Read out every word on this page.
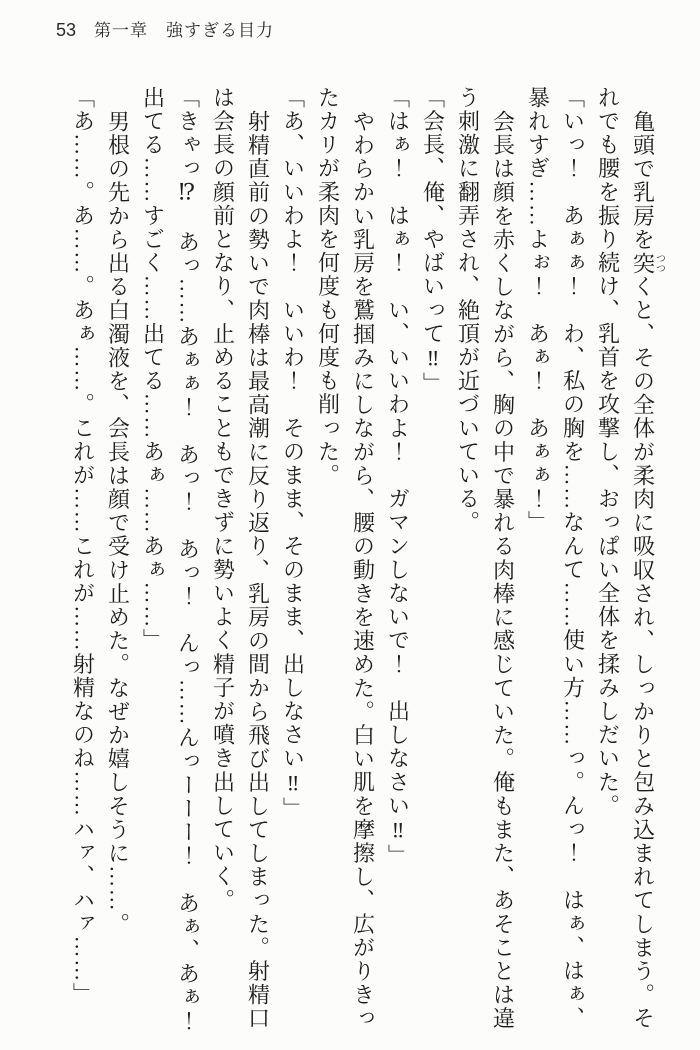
53 第一章　強すぎる目力
亀頭で乳房を突つつくと、その全体が柔肉に吸収され、しっかりと包み込まれてしまう。そ
れでも腰を振り続け、乳首を攻撃し、おっぱい全体を揉みしだいた。
「いっ！　あぁぁ！　わ、私の胸を……なんて……使い方……っ。んっ！　はぁ、はぁ、
暴れすぎ……よぉ！　あぁ！　あぁぁ！」
会長は顔を赤くしながら、胸の中で暴れる肉棒に感じていた。俺もまた、あそことは違
う刺激に翻弄され、絶頂が近づいている。
「会長、俺、やばいって‼」
「はぁ！　はぁ！　い、いいわよ！　ガマンしないで！　出しなさい‼」
やわらかい乳房を鷲掴みにしながら、腰の動きを速めた。白い肌を摩擦し、広がりきっ
たカリが柔肉を何度も何度も削った。
「あ、いいわよ！　いいわ！　そのまま、そのまま、出しなさい‼」
射精直前の勢いで肉棒は最高潮に反り返り、乳房の間から飛び出してしまった。射精口
は会長の顔前となり、止めることもできずに勢いよく精子が噴き出していく。
「きゃっ⁉　あっ……あぁぁ！　あっ！　あっ！　んっ……んっーーー！　あぁ、あぁ！
出てる……すごく……出てる……あぁ……あぁ……」
男根の先から出る白濁液を、会長は顔で受け止めた。なぜか嬉しそうに……。
「あ……。あ……。あぁ……。これが……これが……射精なのね……ハァ、ハァ……」
